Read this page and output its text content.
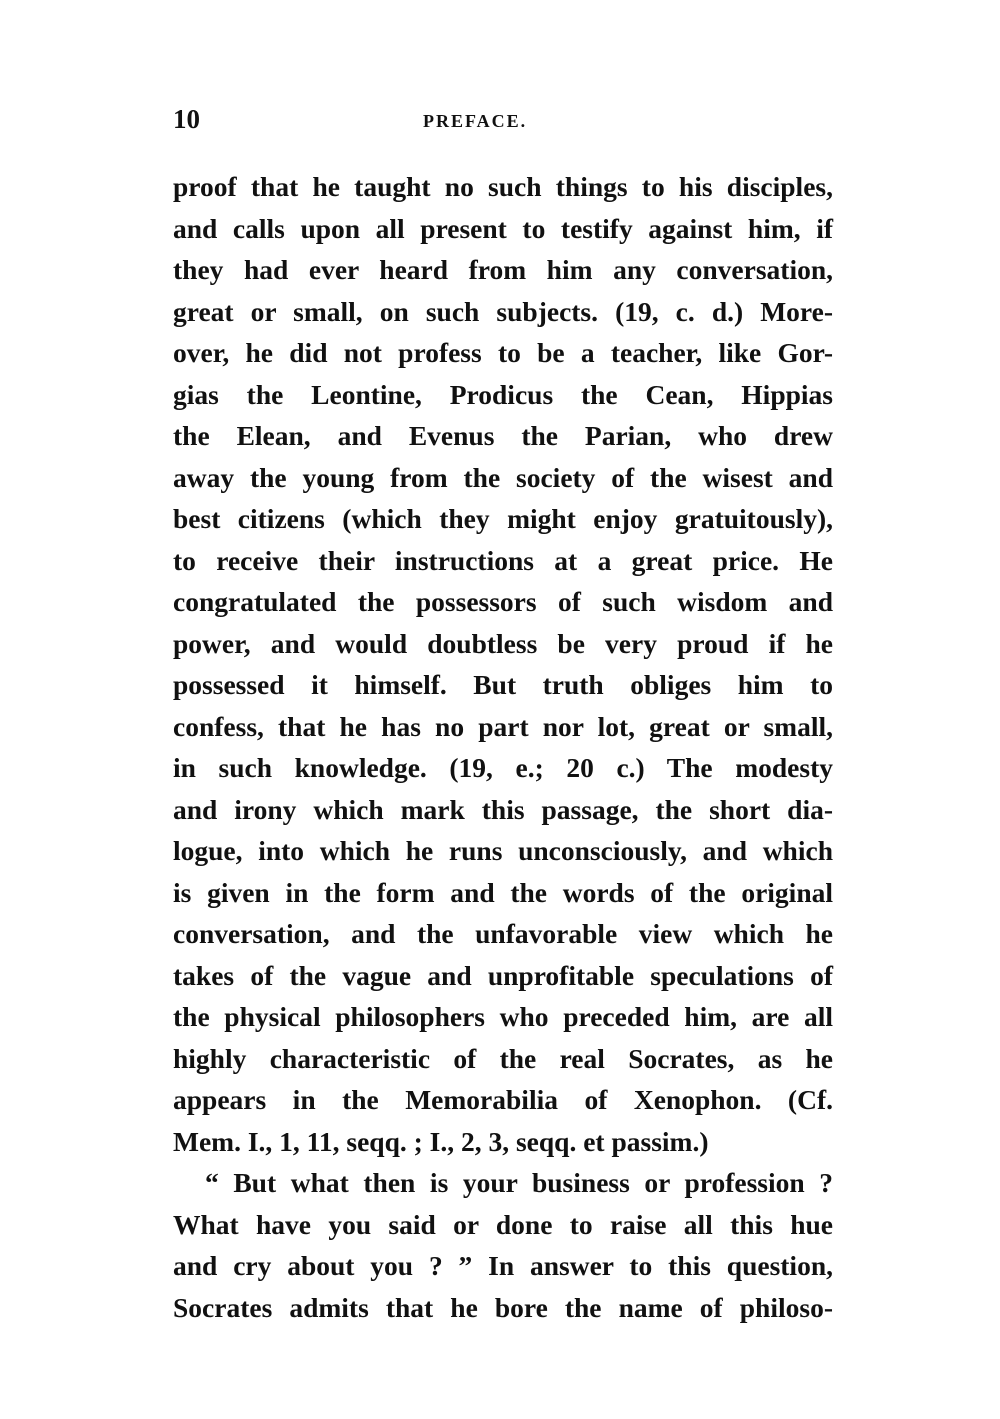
10	PREFACE.
proof that he taught no such things to his disciples,
and calls upon all present to testify against him, if
they had ever heard from him any conversation,
great or small, on such subjects. (19, c. d.) More-
over, he did not profess to be a teacher, like Gor-
gias the Leontine, Prodicus the Cean, Hippias
the Elean, and Evenus the Parian, who drew
away the young from the society of the wisest and
best citizens (which they might enjoy gratuitously),
to receive their instructions at a great price. He
congratulated the possessors of such wisdom and
power, and would doubtless be very proud if he
possessed it himself. But truth obliges him to
confess, that he has no part nor lot, great or small,
in such knowledge. (19, e.; 20 c.) The modesty
and irony which mark this passage, the short dia-
logue, into which he runs unconsciously, and which
is given in the form and the words of the original
conversation, and the unfavorable view which he
takes of the vague and unprofitable speculations of
the physical philosophers who preceded him, are all
highly characteristic of the real Socrates, as he
appears in the Memorabilia of Xenophon. (Cf.
Mem. I., 1, 11, seqq. ; I., 2, 3, seqq. et passim.)
“ But what then is your business or profession ?
What have you said or done to raise all this hue
and cry about you ? ” In answer to this question,
Socrates admits that he bore the name of philoso-
